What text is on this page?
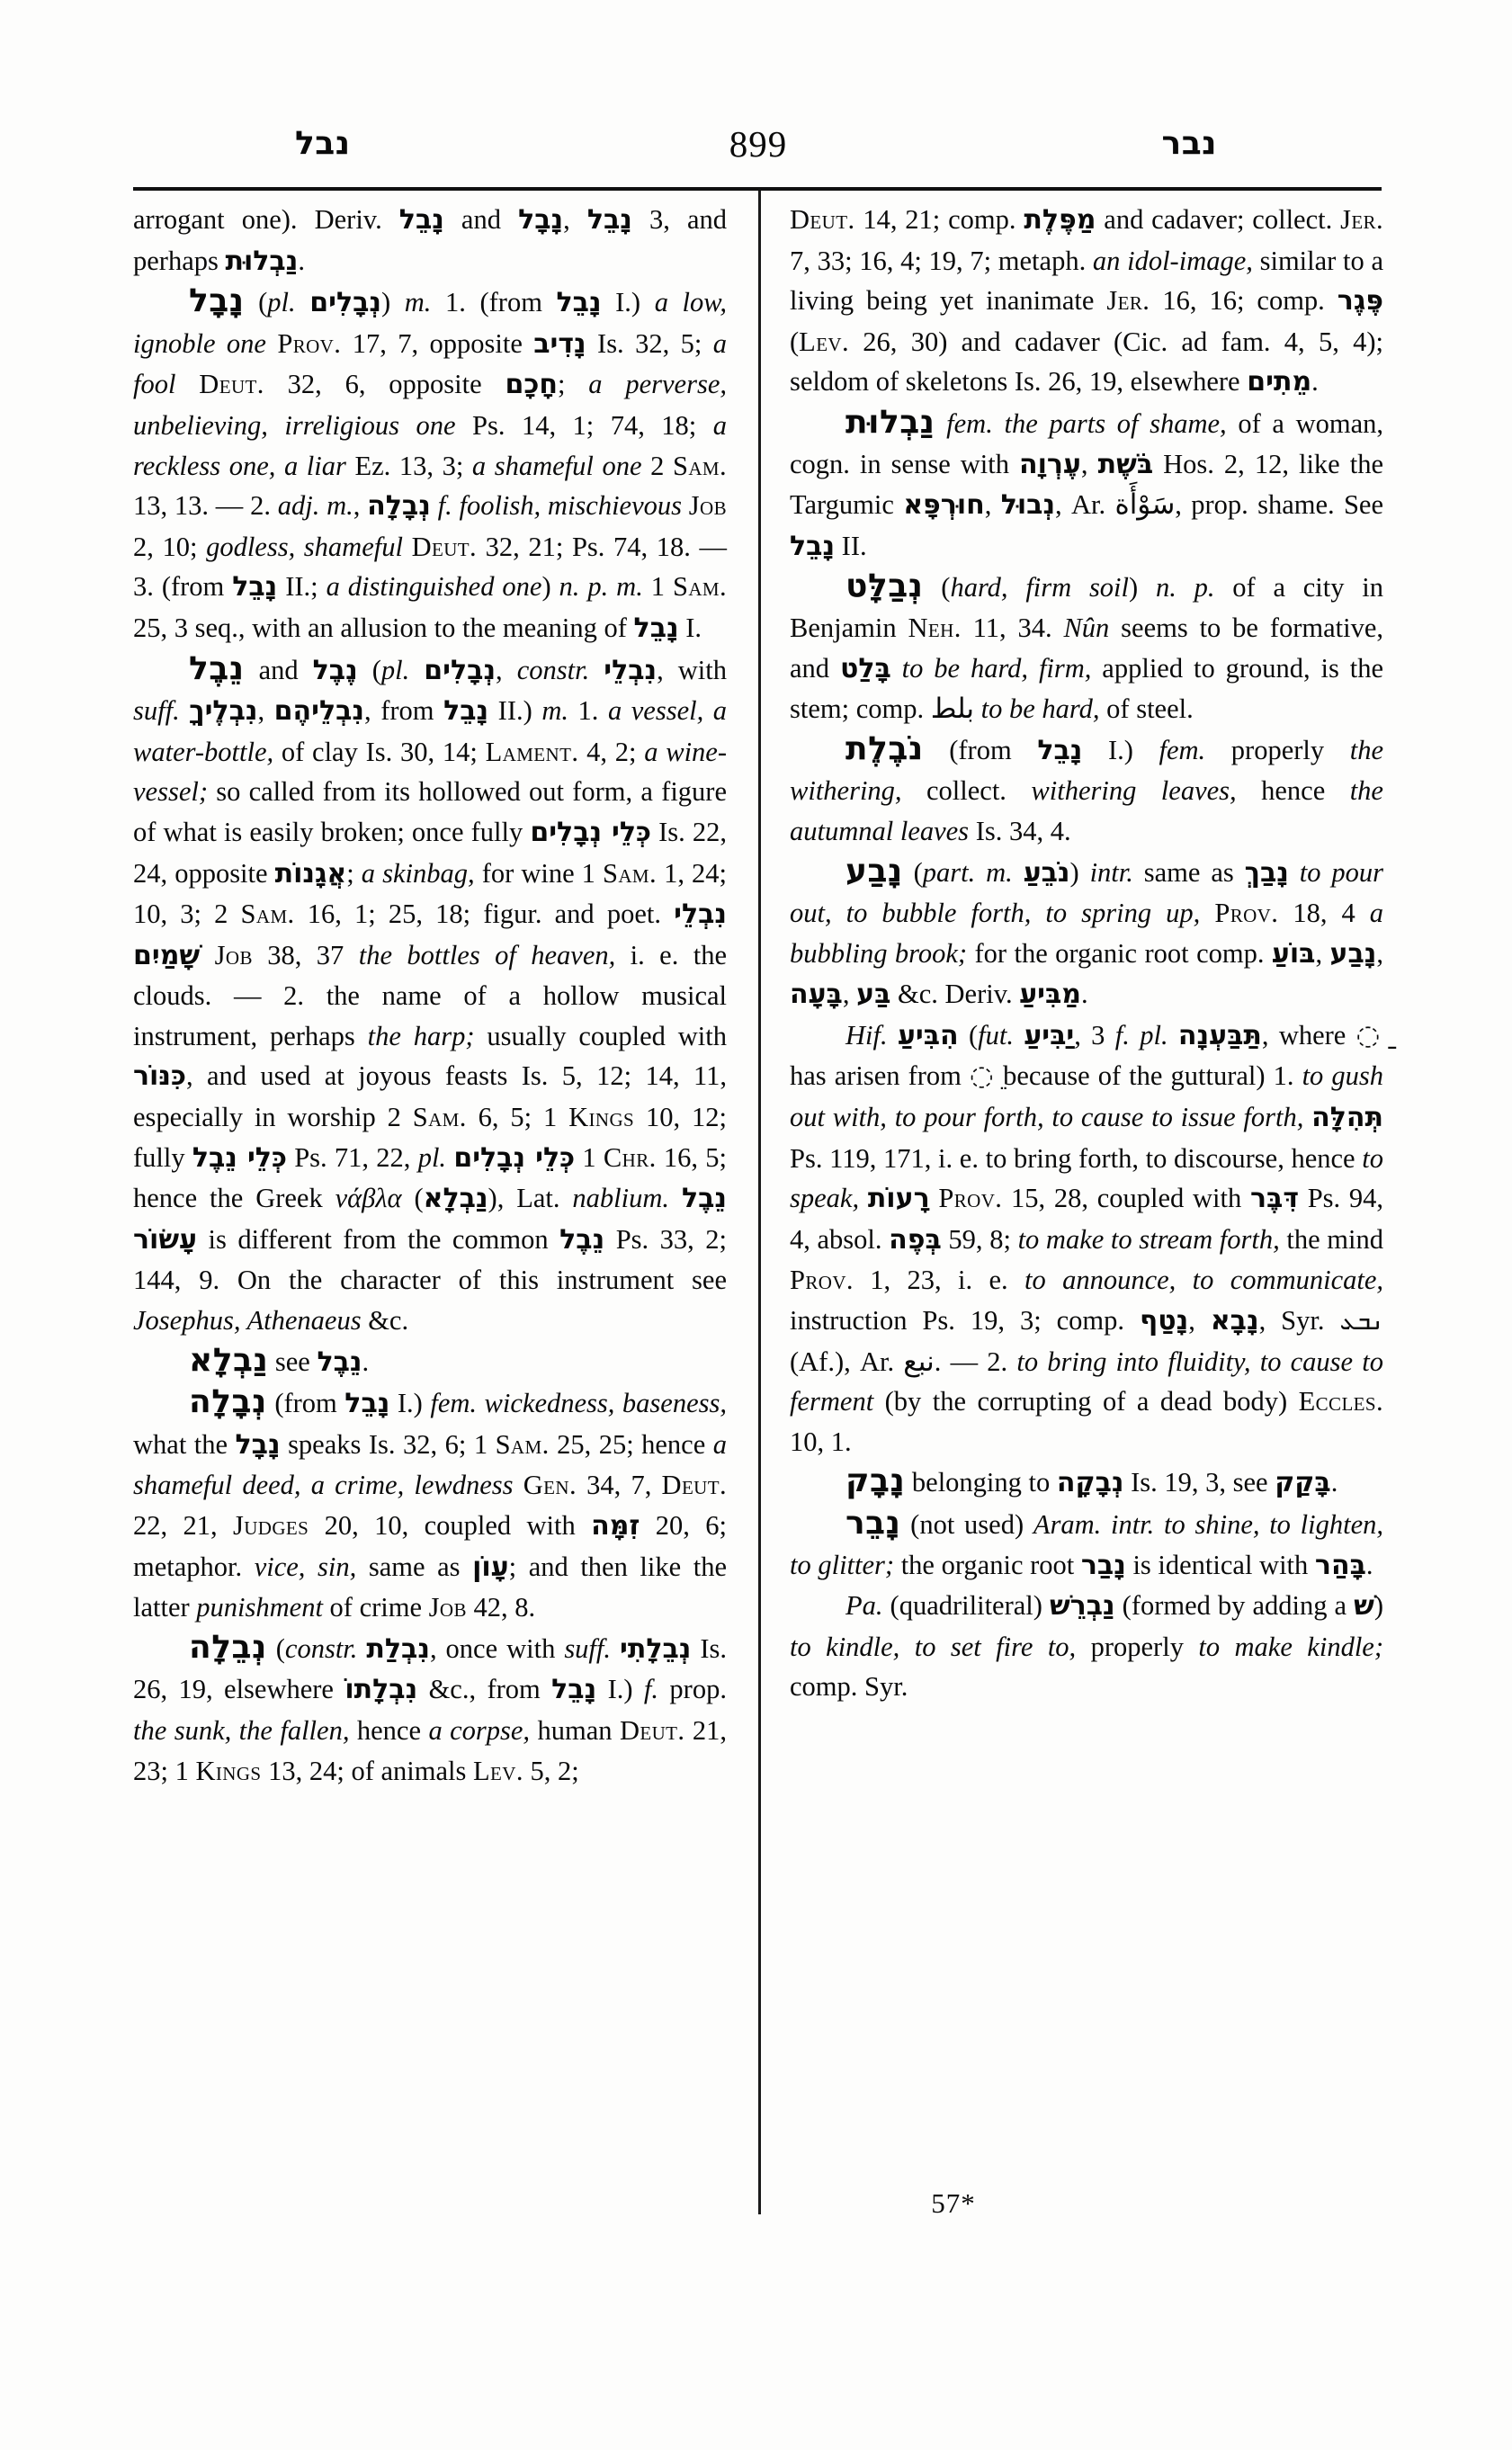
נבל	899	נבר

arrogant one). Deriv. נָבֵל and נָבָל, נָבֵל 3, and perhaps נַבְלוּת.

נָבָל (pl. נְבָלִים) m. 1. (from נָבֵל I.) a low, ignoble one Prov. 17, 7, opposite נָדִיב Is. 32, 5; a fool Deut. 32, 6, opposite חָכָם; a perverse, unbelieving, irreligious one Ps. 14, 1; 74, 18; a reckless one, a liar Ez. 13, 3; a shameful one 2 Sam. 13, 13. — 2. adj. m., נְבָלָה f. foolish, mischievous Job 2, 10; godless, shameful Deut. 32, 21; Ps. 74, 18. — 3. (from נָבֵל II.; a distinguished one) n. p. m. 1 Sam. 25, 3 seq., with an allusion to the meaning of נָבֵל I.

נֵבֶל and נֶבֶל (pl. נְבָלִים, constr. נִבְלֵי, with suff. נִבְלֶיךָ, נִבְלֵיהֶם, from נָבֵל II.) m. 1. a vessel, a water-bottle, of clay Is. 30, 14; Lament. 4, 2; a wine-vessel; so called from its hollowed out form, a figure of what is easily broken; once fully כְּלֵי נְבָלִים Is. 22, 24, opposite אֲגָנוֹת; a skinbag, for wine 1 Sam. 1, 24; 10, 3; 2 Sam. 16, 1; 25, 18; figur. and poet. נִבְלֵי שָׁמַיִם Job 38, 37 the bottles of heaven, i. e. the clouds. — 2. the name of a hollow musical instrument, perhaps the harp; usually coupled with כִּנּוֹר, and used at joyous feasts Is. 5, 12; 14, 11, especially in worship 2 Sam. 6, 5; 1 Kings 10, 12; fully כְּלֵי נֵבֶל Ps. 71, 22, pl. כְּלֵי נְבָלִים 1 Chr. 16, 5; hence the Greek νάβλα (נַבְלָא), Lat. nablium. נֵבֶל עָשׂוֹר is different from the common נֵבֶל Ps. 33, 2; 144, 9. On the character of this instrument see Josephus, Athenaeus &c.

נַבְלָא see נֵבֶל.

נְבָלָה (from נָבֵל I.) fem. wickedness, baseness, what the נָבָל speaks Is. 32, 6; 1 Sam. 25, 25; hence a shameful deed, a crime, lewdness Gen. 34, 7, Deut. 22, 21, Judges 20, 10, coupled with זִמָּה 20, 6; metaphor. vice, sin, same as עָוֹן; and then like the latter punishment of crime Job 42, 8.

נְבֵלָה (constr. נִבְלַת, once with suff. נְבֵלָתִי Is. 26, 19, elsewhere נִבְלָתוֹ &c., from נָבֵל I.) f. prop. the sunk, the fallen, hence a corpse, human Deut. 21, 23; 1 Kings 13, 24; of animals Lev. 5, 2;

Deut. 14, 21; comp. מַפֶּלֶת and cadaver; collect. Jer. 7, 33; 16, 4; 19, 7; metaph. an idol-image, similar to a living being yet inanimate Jer. 16, 16; comp. פֶּגֶר (Lev. 26, 30) and cadaver (Cic. ad fam. 4, 5, 4); seldom of skeletons Is. 26, 19, elsewhere מֵתִים.

נַבְלוּת fem. the parts of shame, of a woman, cogn. in sense with עֶרְוָה, בֹּשֶׁת Hos. 2, 12, like the Targumic חוּרְפָּא, נְבוּל, Ar. سَوْأَة, prop. shame. See נָבֵל II.

נְבַלָּט (hard, firm soil) n. p. of a city in Benjamin Neh. 11, 34. Nûn seems to be formative, and בָּלַט to be hard, firm, applied to ground, is the stem; comp. بلط to be hard, of steel.

נֹבֶלֶת (from נָבֵל I.) fem. properly the withering, collect. withering leaves, hence the autumnal leaves Is. 34, 4.

נָבַע (part. m. נֹבֵעַ) intr. same as נָבַךְ to pour out, to bubble forth, to spring up, Prov. 18, 4 a bubbling brook; for the organic root comp. בּוֹעַ, נָבַע, בָּעָה, בַּע &c. Deriv. מַבִּיעַ.

Hif. הִבִּיעַ (fut. יַבִּיעַ, 3 f. pl. תַּבַּעְנָה, where ◌ַ has arisen from ◌ֵ because of the guttural) 1. to gush out with, to pour forth, to cause to issue forth, תְּהִלָּה Ps. 119, 171, i. e. to bring forth, to discourse, hence to speak, רָעוֹת Prov. 15, 28, coupled with דִּבֶּר Ps. 94, 4, absol. בְּפֶה 59, 8; to make to stream forth, the mind Prov. 1, 23, i. e. to announce, to communicate, instruction Ps. 19, 3; comp. נָטַף, נָבָא, Syr. ܢܒܥ (Af.), Ar. نبع. — 2. to bring into fluidity, to cause to ferment (by the corrupting of a dead body) Eccles. 10, 1.

נָבָק belonging to נְבָקָה Is. 19, 3, see בָּקַק.

נָבֵר (not used) Aram. intr. to shine, to lighten, to glitter; the organic root נָבַר is identical with בָּהַר.

Pa. (quadriliteral) נַבְרֵשׁ (formed by adding a שׁ) to kindle, to set fire to, properly to make kindle; comp. Syr.

57*
